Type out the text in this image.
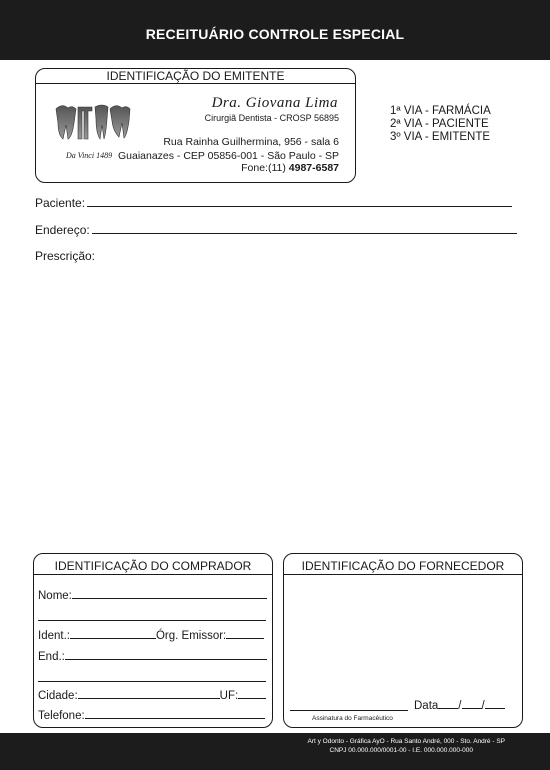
RECEITUÁRIO CONTROLE ESPECIAL
IDENTIFICAÇÃO DO EMITENTE
Da Vinci 1489
Dra. Giovana Lima
Cirurgiã Dentista - CROSP 56895
Rua Rainha Guilhermina, 956 - sala 6
Guaianazes - CEP 05856-001 - São Paulo - SP
Fone:(11) 4987-6587
1ª VIA - FARMÁCIA
2ª VIA - PACIENTE
3º VIA - EMITENTE
Paciente:
Endereço:
Prescrição:
IDENTIFICAÇÃO DO COMPRADOR
Nome:
Ident.:	Órg. Emissor:
End.:
Cidade:	UF:
Telefone:
IDENTIFICAÇÃO DO FORNECEDOR
Assinatura do Farmacêutico
Data / /
Art y Odonto - Gráfica AyO - Rua Santo André, 000 - Sto. André - SP
CNPJ 00.000.000/0001-00 - I.E. 000.000.000-000
